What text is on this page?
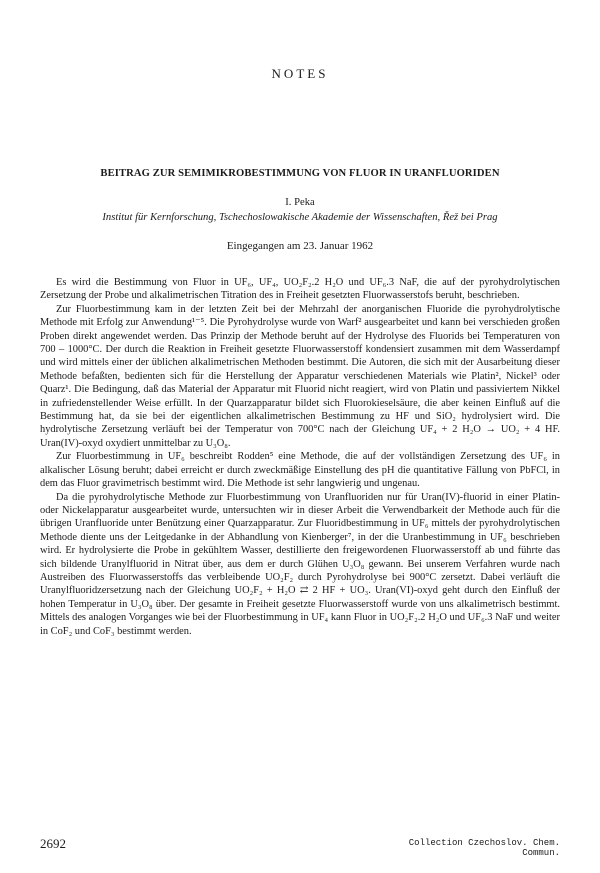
NOTES
BEITRAG ZUR SEMIMIKROBESTIMMUNG VON FLUOR IN URANFLUORIDEN
I. Peka
Institut für Kernforschung, Tschechoslowakische Akademie der Wissenschaften, Řež bei Prag
Eingegangen am 23. Januar 1962

Es wird die Bestimmung von Fluor in UF₆, UF₄, UO₂F₂.2 H₂O und UF₆.3 NaF, die auf der pyrohydrolytischen Zersetzung der Probe und alkalimetrischen Titration des in Freiheit gesetzten Fluorwasserstofs beruht, beschrieben.

Zur Fluorbestimmung kam in der letzten Zeit bei der Mehrzahl der anorganischen Fluoride die pyrohydrolytische Methode mit Erfolg zur Anwendung¹⁻⁵. Die Pyrohydrolyse wurde von Warf² ausgearbeitet und kann bei verschieden großen Proben direkt angewendet werden. Das Prinzip der Methode beruht auf der Hydrolyse des Fluorids bei Temperaturen von 700 – 1000°C. Der durch die Reaktion in Freiheit gesetzte Fluorwasserstoff kondensiert zusammen mit dem Wasserdampf und wird mittels einer der üblichen alkalimetrischen Methoden bestimmt. Die Autoren, die sich mit der Ausarbeitung dieser Methode befaßten, bedienten sich für die Herstellung der Apparatur verschiedenen Materials wie Platin², Nickel³ oder Quarz¹. Die Bedingung, daß das Material der Apparatur mit Fluorid nicht reagiert, wird von Platin und passiviertem Nikkel in zufriedenstellender Weise erfüllt. In der Quarzapparatur bildet sich Fluorokieselsäure, die aber keinen Einfluß auf die Bestimmung hat, da sie bei der eigentlichen alkalimetrischen Bestimmung zu HF und SiO₂ hydrolysiert wird. Die hydrolytische Zersetzung verläuft bei der Temperatur von 700°C nach der Gleichung UF₄ + 2 H₂O → UO₂ + 4 HF. Uran(IV)-oxyd oxydiert unmittelbar zu U₃O₈.

Zur Fluorbestimmung in UF₆ beschreibt Rodden⁵ eine Methode, die auf der vollständigen Zersetzung des UF₆ in alkalischer Lösung beruht; dabei erreicht er durch zweckmäßige Einstellung des pH die quantitative Fällung von PbFCl, in dem das Fluor gravimetrisch bestimmt wird. Die Methode ist sehr langwierig und ungenau.

Da die pyrohydrolytische Methode zur Fluorbestimmung von Uranfluoriden nur für Uran(IV)-fluorid in einer Platin- oder Nickelapparatur ausgearbeitet wurde, untersuchten wir in dieser Arbeit die Verwendbarkeit der Methode auch für die übrigen Uranfluoride unter Benützung einer Quarzapparatur. Zur Fluoridbestimmung in UF₆ mittels der pyrohydrolytischen Methode diente uns der Leitgedanke in der Abhandlung von Kienberger⁷, in der die Uranbestimmung in UF₆ beschrieben wird. Er hydrolysierte die Probe in gekühltem Wasser, destillierte den freigewordenen Fluorwasserstoff ab und führte das sich bildende Uranylfluorid in Nitrat über, aus dem er durch Glühen U₃O₈ gewann. Bei unserem Verfahren wurde nach Austreiben des Fluorwasserstoffs das verbleibende UO₂F₂ durch Pyrohydrolyse bei 900°C zersetzt. Dabei verläuft die Uranylfluoridzersetzung nach der Gleichung UO₂F₂ + H₂O ⇄ 2 HF + UO₃. Uran(VI)-oxyd geht durch den Einfluß der hohen Temperatur in U₃O₈ über. Der gesamte in Freiheit gesetzte Fluorwasserstoff wurde von uns alkalimetrisch bestimmt. Mittels des analogen Vorganges wie bei der Fluorbestimmung in UF₄ kann Fluor in UO₂F₂.2 H₂O und UF₆.3 NaF und weiter in CoF₂ und CoF₃ bestimmt werden.

2692	Collection Czechoslov. Chem. Commun.
